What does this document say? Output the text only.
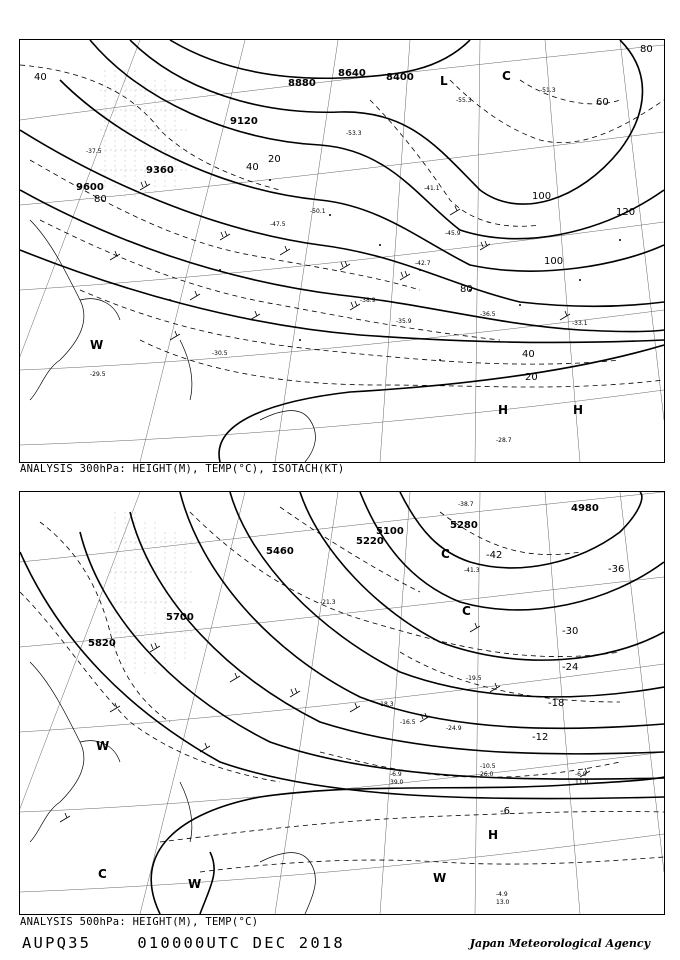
8640 8400
8880
9120
9360
9600
40
80	100
120
20
40
60
80
100
80
40
20
L	C
H	H
W
-53.3
-50.1
-47.5
-42.7
-45.9
-38.9
-36.5
-35.9	-33.1
-30.5
-29.5
-28.7
-37.5
-41.1
-55.3
-51.3
ANALYSIS 300hPa: HEIGHT(M), TEMP(°C), ISOTACH(KT)
4980
5220
5280
5460
5700
5820
5100
-36
-42
-30
-24
-18
-12
-6
C
C
H
W
W	W
C
-10.5
26.0	-6.9
11.0
-6.9
39.0
-4.9
13.0
-38.7
-41.3
-18.3
-19.5
-21.3
-24.9
-16.5
ANALYSIS 500hPa: HEIGHT(M), TEMP(°C)
AUPQ35	010000UTC DEC 2018	Japan Meteorological Agency
